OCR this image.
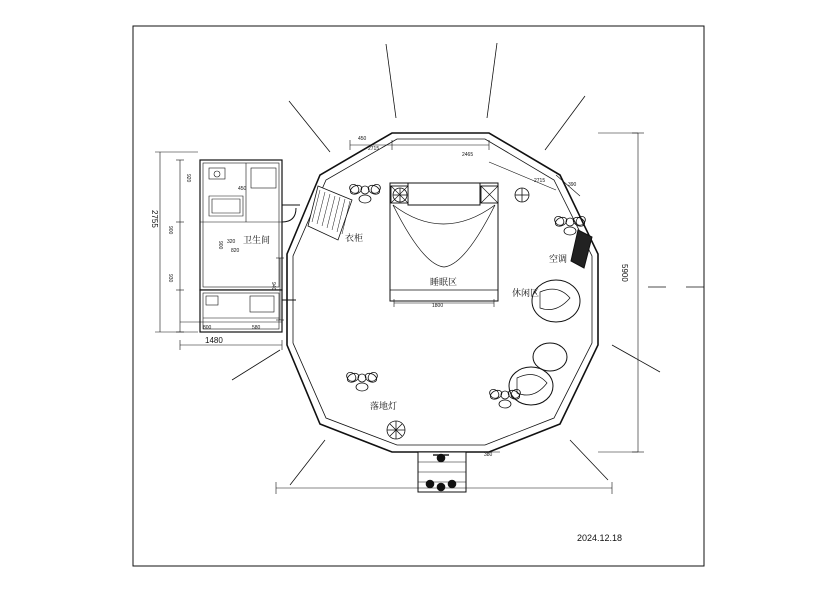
卫生间	衣柜
睡眠区
空调
休闲区
落地灯
2755
1480
5900
920
900
930
800	580
2465
2715
2715
390
450
1800
940
380
320
820
450
900
2024.12.18
